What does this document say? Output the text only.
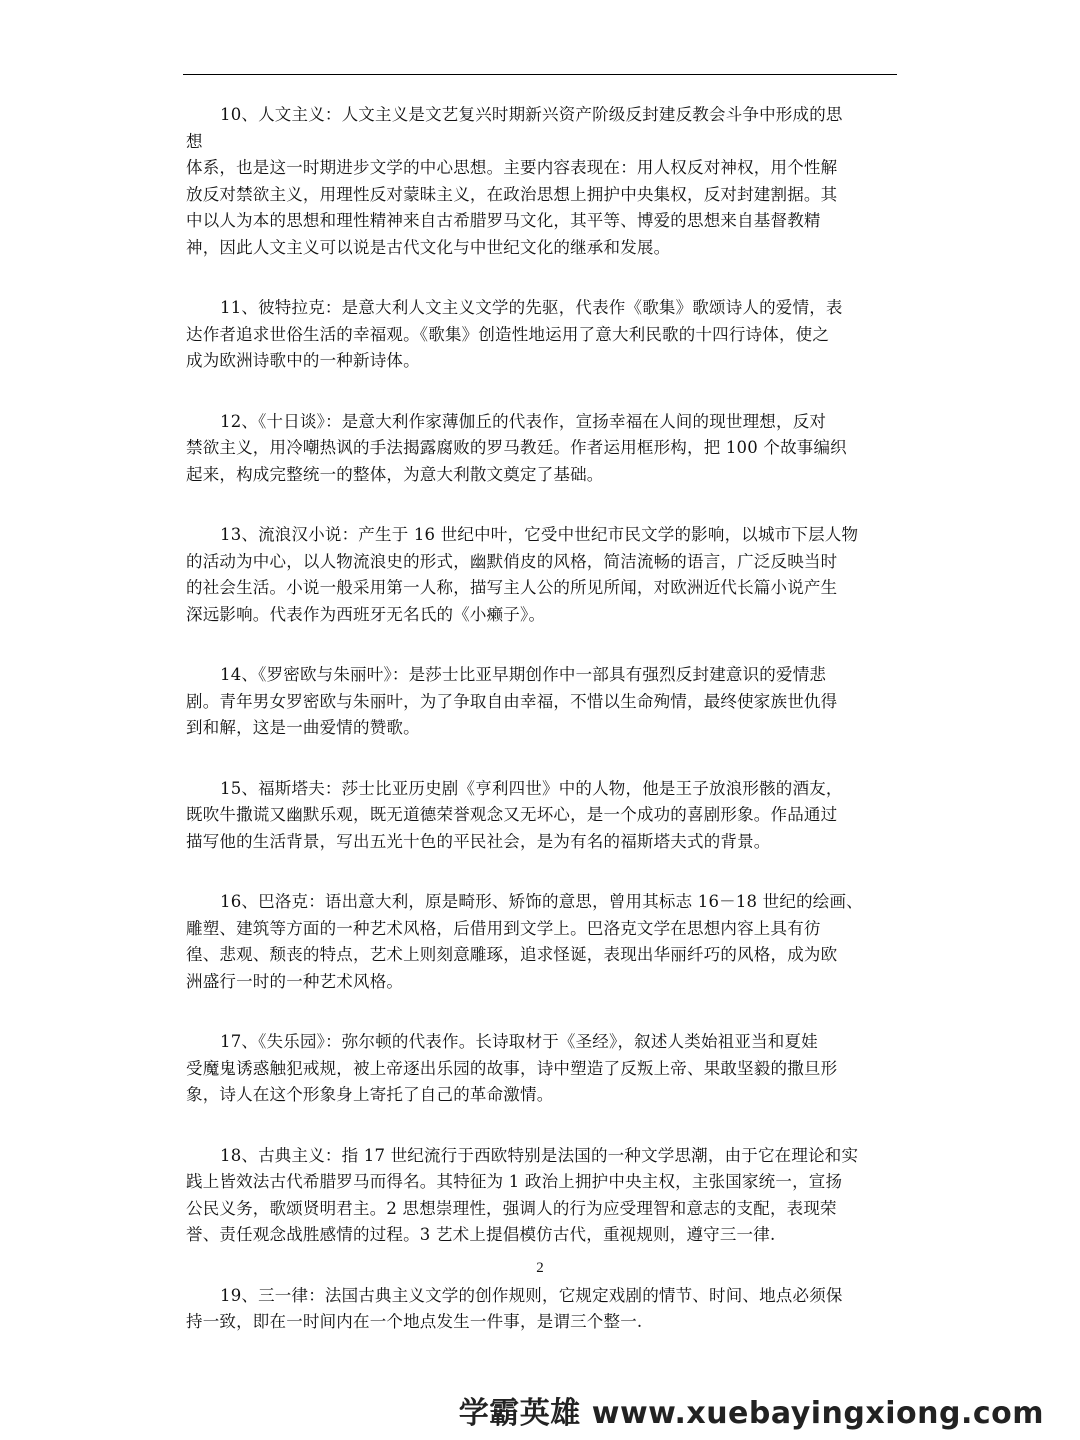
10、人文主义：人文主义是文艺复兴时期新兴资产阶级反封建反教会斗争中形成的思
想
体系，也是这一时期进步文学的中心思想。主要内容表现在：用人权反对神权，用个性解
放反对禁欲主义，用理性反对蒙昧主义，在政治思想上拥护中央集权，反对封建割据。其
中以人为本的思想和理性精神来自古希腊罗马文化，其平等、博爱的思想来自基督教精
神，因此人文主义可以说是古代文化与中世纪文化的继承和发展。
11、彼特拉克：是意大利人文主义文学的先驱，代表作《歌集》歌颂诗人的爱情，表
达作者追求世俗生活的幸福观。《歌集》创造性地运用了意大利民歌的十四行诗体，使之
成为欧洲诗歌中的一种新诗体。
12、《十日谈》：是意大利作家薄伽丘的代表作，宣扬幸福在人间的现世理想，反对
禁欲主义，用冷嘲热讽的手法揭露腐败的罗马教廷。作者运用框形构，把 100 个故事编织
起来，构成完整统一的整体，为意大利散文奠定了基础。
13、流浪汉小说：产生于 16 世纪中叶，它受中世纪市民文学的影响，以城市下层人物
的活动为中心，以人物流浪史的形式，幽默俏皮的风格，简洁流畅的语言，广泛反映当时
的社会生活。小说一般采用第一人称，描写主人公的所见所闻，对欧洲近代长篇小说产生
深远影响。代表作为西班牙无名氏的《小癞子》。
14、《罗密欧与朱丽叶》：是莎士比亚早期创作中一部具有强烈反封建意识的爱情悲
剧。青年男女罗密欧与朱丽叶，为了争取自由幸福，不惜以生命殉情，最终使家族世仇得
到和解，这是一曲爱情的赞歌。
15、福斯塔夫：莎士比亚历史剧《亨利四世》中的人物，他是王子放浪形骸的酒友，
既吹牛撒谎又幽默乐观，既无道德荣誉观念又无坏心，是一个成功的喜剧形象。作品通过
描写他的生活背景，写出五光十色的平民社会，是为有名的福斯塔夫式的背景。
16、巴洛克：语出意大利，原是畸形、矫饰的意思，曾用其标志 16－18 世纪的绘画、
雕塑、建筑等方面的一种艺术风格，后借用到文学上。巴洛克文学在思想内容上具有彷
徨、悲观、颓丧的特点，艺术上则刻意雕琢，追求怪诞，表现出华丽纤巧的风格，成为欧
洲盛行一时的一种艺术风格。
17、《失乐园》：弥尔顿的代表作。长诗取材于《圣经》，叙述人类始祖亚当和夏娃
受魔鬼诱惑触犯戒规，被上帝逐出乐园的故事，诗中塑造了反叛上帝、果敢坚毅的撒旦形
象，诗人在这个形象身上寄托了自己的革命激情。
18、古典主义：指 17 世纪流行于西欧特别是法国的一种文学思潮，由于它在理论和实
践上皆效法古代希腊罗马而得名。其特征为 1 政治上拥护中央主权，主张国家统一，宣扬
公民义务，歌颂贤明君主。2 思想崇理性，强调人的行为应受理智和意志的支配，表现荣
誉、责任观念战胜感情的过程。3 艺术上提倡模仿古代，重视规则，遵守三一律.
19、三一律：法国古典主义文学的创作规则，它规定戏剧的情节、时间、地点必须保
持一致，即在一时间内在一个地点发生一件事，是谓三个整一.
2
学霸英雄 www.xuebayingxiong.com
